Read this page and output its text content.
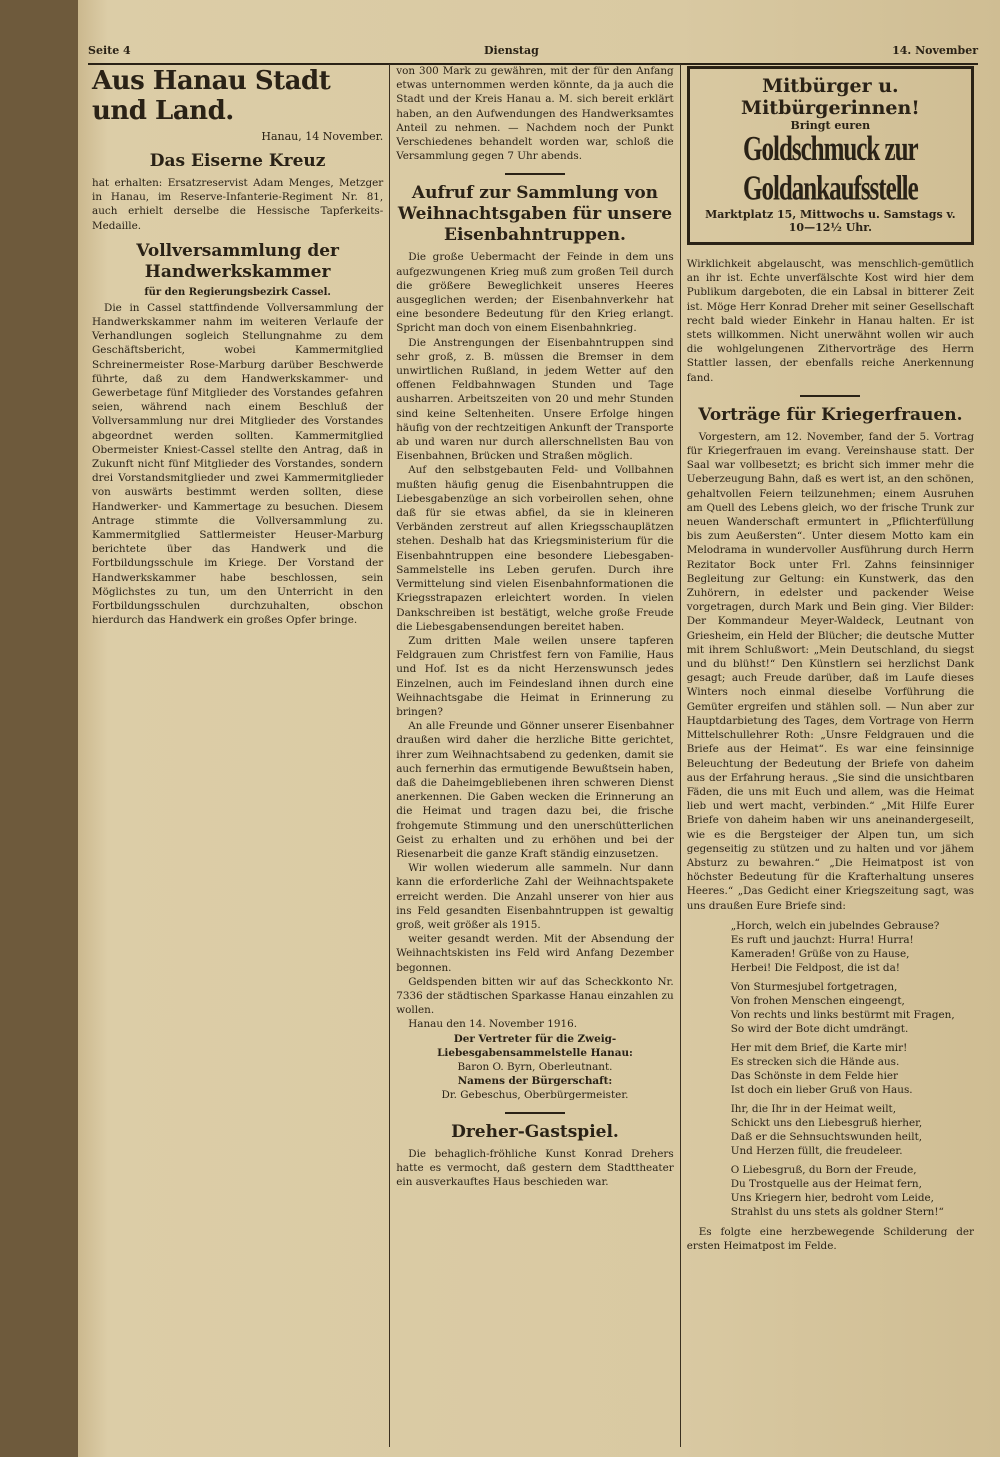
Seite 4	Dienstag	14. November
Aus Hanau Stadt und Land.
Hanau, 14 November.
Das Eiserne Kreuz

hat erhalten: Ersatzreservist Adam Menges, Metzger in Hanau, im Reserve-Infanterie-Regiment Nr. 81, auch erhielt derselbe die Hessische Tapferkeits-Medaille.

Vollversammlung der Handwerkskammer
für den Regierungsbezirk Cassel.

Die in Cassel stattfindende Vollversammlung der Handwerkskammer nahm im weiteren Verlaufe der Verhandlungen sogleich Stellungnahme zu dem Geschäftsbericht, wobei Kammermitglied Schreinermeister Rose-Marburg darüber Beschwerde führte, daß zu dem Handwerkskammer- und Gewerbetage fünf Mitglieder des Vorstandes gefahren seien, während nach einem Beschluß der Vollversammlung nur drei Mitglieder des Vorstandes abgeordnet werden sollten. Kammermitglied Obermeister Kniest-Cassel stellte den Antrag, daß in Zukunft nicht fünf Mitglieder des Vorstandes, sondern drei Vorstandsmitglieder und zwei Kammermitglieder von auswärts bestimmt werden sollten, diese Handwerker- und Kammertage zu besuchen. Diesem Antrage stimmte die Vollversammlung zu. Kammermitglied Sattlermeister Heuser-Marburg berichtete über das Handwerk und die Fortbildungsschule im Kriege. Der Vorstand der Handwerkskammer habe beschlossen, sein Möglichstes zu tun, um den Unterricht in den Fortbildungsschulen durchzuhalten, obschon hierdurch das Handwerk ein großes Opfer bringe.

von 300 Mark zu gewähren, mit der für den Anfang etwas unternommen werden könnte, da ja auch die Stadt und der Kreis Hanau a. M. sich bereit erklärt haben, an den Aufwendungen des Handwerksamtes Anteil zu nehmen. — Nachdem noch der Punkt Verschiedenes behandelt worden war, schloß die Versammlung gegen 7 Uhr abends.

Aufruf zur Sammlung von Weihnachtsgaben für unsere Eisenbahntruppen.

Die große Uebermacht der Feinde in dem uns aufgezwungenen Krieg muß zum großen Teil durch die größere Beweglichkeit unseres Heeres ausgeglichen werden; der Eisenbahnverkehr hat eine besondere Bedeutung für den Krieg erlangt. Spricht man doch von einem Eisenbahnkrieg.

Die Anstrengungen der Eisenbahntruppen sind sehr groß, z. B. müssen die Bremser in dem unwirtlichen Rußland, in jedem Wetter auf den offenen Feldbahnwagen Stunden und Tage ausharren. Arbeitszeiten von 20 und mehr Stunden sind keine Seltenheiten. Unsere Erfolge hingen häufig von der rechtzeitigen Ankunft der Transporte ab und waren nur durch allerschnellsten Bau von Eisenbahnen, Brücken und Straßen möglich.

Auf den selbstgebauten Feld- und Vollbahnen mußten häufig genug die Eisenbahntruppen die Liebesgabenzüge an sich vorbeirollen sehen, ohne daß für sie etwas abfiel, da sie in kleineren Verbänden zerstreut auf allen Kriegsschauplätzen stehen. Deshalb hat das Kriegsministerium für die Eisenbahntruppen eine besondere Liebesgaben-Sammelstelle ins Leben gerufen. Durch ihre Vermittelung sind vielen Eisenbahnformationen die Kriegsstrapazen erleichtert worden. In vielen Dankschreiben ist bestätigt, welche große Freude die Liebesgabensendungen bereitet haben.

Zum dritten Male weilen unsere tapferen Feldgrauen zum Christfest fern von Familie, Haus und Hof. Ist es da nicht Herzenswunsch jedes Einzelnen, auch im Feindesland ihnen durch eine Weihnachtsgabe die Heimat in Erinnerung zu bringen?

An alle Freunde und Gönner unserer Eisenbahner draußen wird daher die herzliche Bitte gerichtet, ihrer zum Weihnachtsabend zu gedenken, damit sie auch fernerhin das ermutigende Bewußtsein haben, daß die Daheimgebliebenen ihren schweren Dienst anerkennen. Die Gaben wecken die Erinnerung an die Heimat und tragen dazu bei, die frische frohgemute Stimmung und den unerschütterlichen Geist zu erhalten und zu erhöhen und bei der Riesenarbeit die ganze Kraft ständig einzusetzen.

Wir wollen wiederum alle sammeln. Nur dann kann die erforderliche Zahl der Weihnachtspakete erreicht werden. Die Anzahl unserer von hier aus ins Feld gesandten Eisenbahntruppen ist gewaltig groß, weit größer als 1915.

weiter gesandt werden. Mit der Absendung der Weihnachtskisten ins Feld wird Anfang Dezember begonnen.

Geldspenden bitten wir auf das Scheckkonto Nr. 7336 der städtischen Sparkasse Hanau einzahlen zu wollen.

Hanau den 14. November 1916.

Der Vertreter für die Zweig-Liebesgabensammelstelle Hanau:
Baron O. Byrn, Oberleutnant.
Namens der Bürgerschaft:
Dr. Gebeschus, Oberbürgermeister.
Dreher-Gastspiel.

Die behaglich-fröhliche Kunst Konrad Drehers hatte es vermocht, daß gestern dem Stadttheater ein ausverkauftes Haus beschieden war.

Mitbürger u. Mitbürgerinnen!
Bringt euren
Goldschmuck zur Goldankaufsstelle
Marktplatz 15, Mittwochs u. Samstags v. 10—12½ Uhr.

Wirklichkeit abgelauscht, was menschlich-gemütlich an ihr ist. Echte unverfälschte Kost wird hier dem Publikum dargeboten, die ein Labsal in bitterer Zeit ist. Möge Herr Konrad Dreher mit seiner Gesellschaft recht bald wieder Einkehr in Hanau halten. Er ist stets willkommen. Nicht unerwähnt wollen wir auch die wohlgelungenen Zithervorträge des Herrn Stattler lassen, der ebenfalls reiche Anerkennung fand.

Vorträge für Kriegerfrauen.

Vorgestern, am 12. November, fand der 5. Vortrag für Kriegerfrauen im evang. Vereinshause statt. Der Saal war vollbesetzt; es bricht sich immer mehr die Ueberzeugung Bahn, daß es wert ist, an den schönen, gehaltvollen Feiern teilzunehmen; einem Ausruhen am Quell des Lebens gleich, wo der frische Trunk zur neuen Wanderschaft ermuntert in „Pflichterfüllung bis zum Aeußersten“. Unter diesem Motto kam ein Melodrama in wundervoller Ausführung durch Herrn Rezitator Bock unter Frl. Zahns feinsinniger Begleitung zur Geltung: ein Kunstwerk, das den Zuhörern, in edelster und packender Weise vorgetragen, durch Mark und Bein ging. Vier Bilder: Der Kommandeur Meyer-Waldeck, Leutnant von Griesheim, ein Held der Blücher; die deutsche Mutter mit ihrem Schlußwort: „Mein Deutschland, du siegst und du blühst!“ Den Künstlern sei herzlichst Dank gesagt; auch Freude darüber, daß im Laufe dieses Winters noch einmal dieselbe Vorführung die Gemüter ergreifen und stählen soll. — Nun aber zur Hauptdarbietung des Tages, dem Vortrage von Herrn Mittelschullehrer Roth: „Unsre Feldgrauen und die Briefe aus der Heimat“. Es war eine feinsinnige Beleuchtung der Bedeutung der Briefe von daheim aus der Erfahrung heraus. „Sie sind die unsichtbaren Fäden, die uns mit Euch und allem, was die Heimat lieb und wert macht, verbinden.“ „Mit Hilfe Eurer Briefe von daheim haben wir uns aneinandergeseilt, wie es die Bergsteiger der Alpen tun, um sich gegenseitig zu stützen und zu halten und vor jähem Absturz zu bewahren.“ „Die Heimatpost ist von höchster Bedeutung für die Krafterhaltung unseres Heeres.“ „Das Gedicht einer Kriegszeitung sagt, was uns draußen Eure Briefe sind:

„Horch, welch ein jubelndes Gebrause?
Es ruft und jauchzt: Hurra! Hurra!
Kameraden! Grüße von zu Hause,
Herbei! Die Feldpost, die ist da!
Von Sturmesjubel fortgetragen,
Von frohen Menschen eingeengt,
Von rechts und links bestürmt mit Fragen,
So wird der Bote dicht umdrängt.
Her mit dem Brief, die Karte mir!
Es strecken sich die Hände aus.
Das Schönste in dem Felde hier
Ist doch ein lieber Gruß von Haus.
Ihr, die Ihr in der Heimat weilt,
Schickt uns den Liebesgruß hierher,
Daß er die Sehnsuchtswunden heilt,
Und Herzen füllt, die freudeleer.
O Liebesgruß, du Born der Freude,
Du Trostquelle aus der Heimat fern,
Uns Kriegern hier, bedroht vom Leide,
Strahlst du uns stets als goldner Stern!“

Es folgte eine herzbewegende Schilderung der ersten Heimatpost im Felde.
